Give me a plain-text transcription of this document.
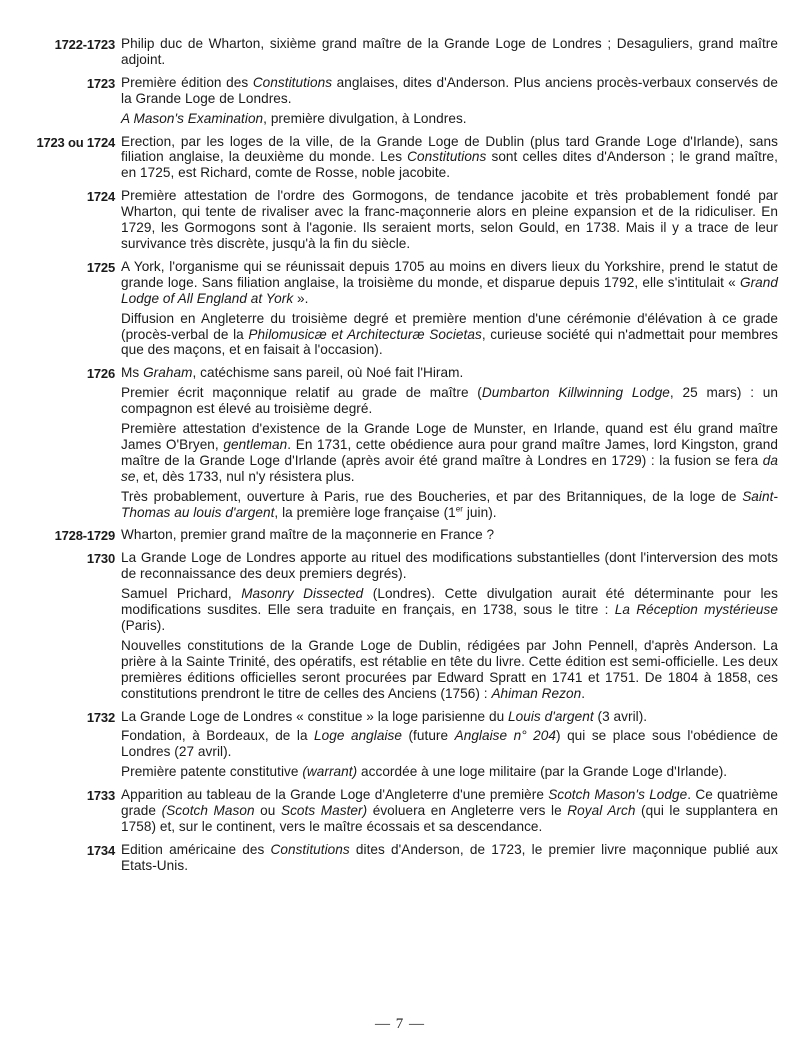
1722-1723 Philip duc de Wharton, sixième grand maître de la Grande Loge de Londres ; Desaguliers, grand maître adjoint.

1723 Première édition des Constitutions anglaises, dites d'Anderson. Plus anciens procès-verbaux conservés de la Grande Loge de Londres.

A Mason's Examination, première divulgation, à Londres.

1723 ou 1724 Erection, par les loges de la ville, de la Grande Loge de Dublin (plus tard Grande Loge d'Irlande), sans filiation anglaise, la deuxième du monde. Les Constitutions sont celles dites d'Anderson ; le grand maître, en 1725, est Richard, comte de Rosse, noble jacobite.

1724 Première attestation de l'ordre des Gormogons, de tendance jacobite et très probablement fondé par Wharton, qui tente de rivaliser avec la franc-maçonnerie alors en pleine expansion et de la ridiculiser. En 1729, les Gormogons sont à l'agonie. Ils seraient morts, selon Gould, en 1738. Mais il y a trace de leur survivance très discrète, jusqu'à la fin du siècle.

1725 A York, l'organisme qui se réunissait depuis 1705 au moins en divers lieux du Yorkshire, prend le statut de grande loge. Sans filiation anglaise, la troisième du monde, et disparue depuis 1792, elle s'intitulait « Grand Lodge of All England at York ».

Diffusion en Angleterre du troisième degré et première mention d'une cérémonie d'élévation à ce grade (procès-verbal de la Philomusicæ et Architecturæ Societas, curieuse société qui n'admettait pour membres que des maçons, et en faisait à l'occasion).

1726 Ms Graham, catéchisme sans pareil, où Noé fait l'Hiram.

Premier écrit maçonnique relatif au grade de maître (Dumbarton Killwinning Lodge, 25 mars) : un compagnon est élevé au troisième degré.

Première attestation d'existence de la Grande Loge de Munster, en Irlande, quand est élu grand maître James O'Bryen, gentleman. En 1731, cette obédience aura pour grand maître James, lord Kingston, grand maître de la Grande Loge d'Irlande (après avoir été grand maître à Londres en 1729) : la fusion se fera da se, et, dès 1733, nul n'y résistera plus.

Très probablement, ouverture à Paris, rue des Boucheries, et par des Britanniques, de la loge de Saint-Thomas au louis d'argent, la première loge française (1er juin).

1728-1729 Wharton, premier grand maître de la maçonnerie en France ?

1730 La Grande Loge de Londres apporte au rituel des modifications substantielles (dont l'interversion des mots de reconnaissance des deux premiers degrés).

Samuel Prichard, Masonry Dissected (Londres). Cette divulgation aurait été déterminante pour les modifications susdites. Elle sera traduite en français, en 1738, sous le titre : La Réception mystérieuse (Paris).

Nouvelles constitutions de la Grande Loge de Dublin, rédigées par John Pennell, d'après Anderson. La prière à la Sainte Trinité, des opératifs, est rétablie en tête du livre. Cette édition est semi-officielle. Les deux premières éditions officielles seront procurées par Edward Spratt en 1741 et 1751. De 1804 à 1858, ces constitutions prendront le titre de celles des Anciens (1756) : Ahiman Rezon.

1732 La Grande Loge de Londres « constitue » la loge parisienne du Louis d'argent (3 avril).

Fondation, à Bordeaux, de la Loge anglaise (future Anglaise n° 204) qui se place sous l'obédience de Londres (27 avril).

Première patente constitutive (warrant) accordée à une loge militaire (par la Grande Loge d'Irlande).

1733 Apparition au tableau de la Grande Loge d'Angleterre d'une première Scotch Mason's Lodge. Ce quatrième grade (Scotch Mason ou Scots Master) évoluera en Angleterre vers le Royal Arch (qui le supplantera en 1758) et, sur le continent, vers le maître écossais et sa descendance.

1734 Edition américaine des Constitutions dites d'Anderson, de 1723, le premier livre maçonnique publié aux Etats-Unis.

— 7 —
